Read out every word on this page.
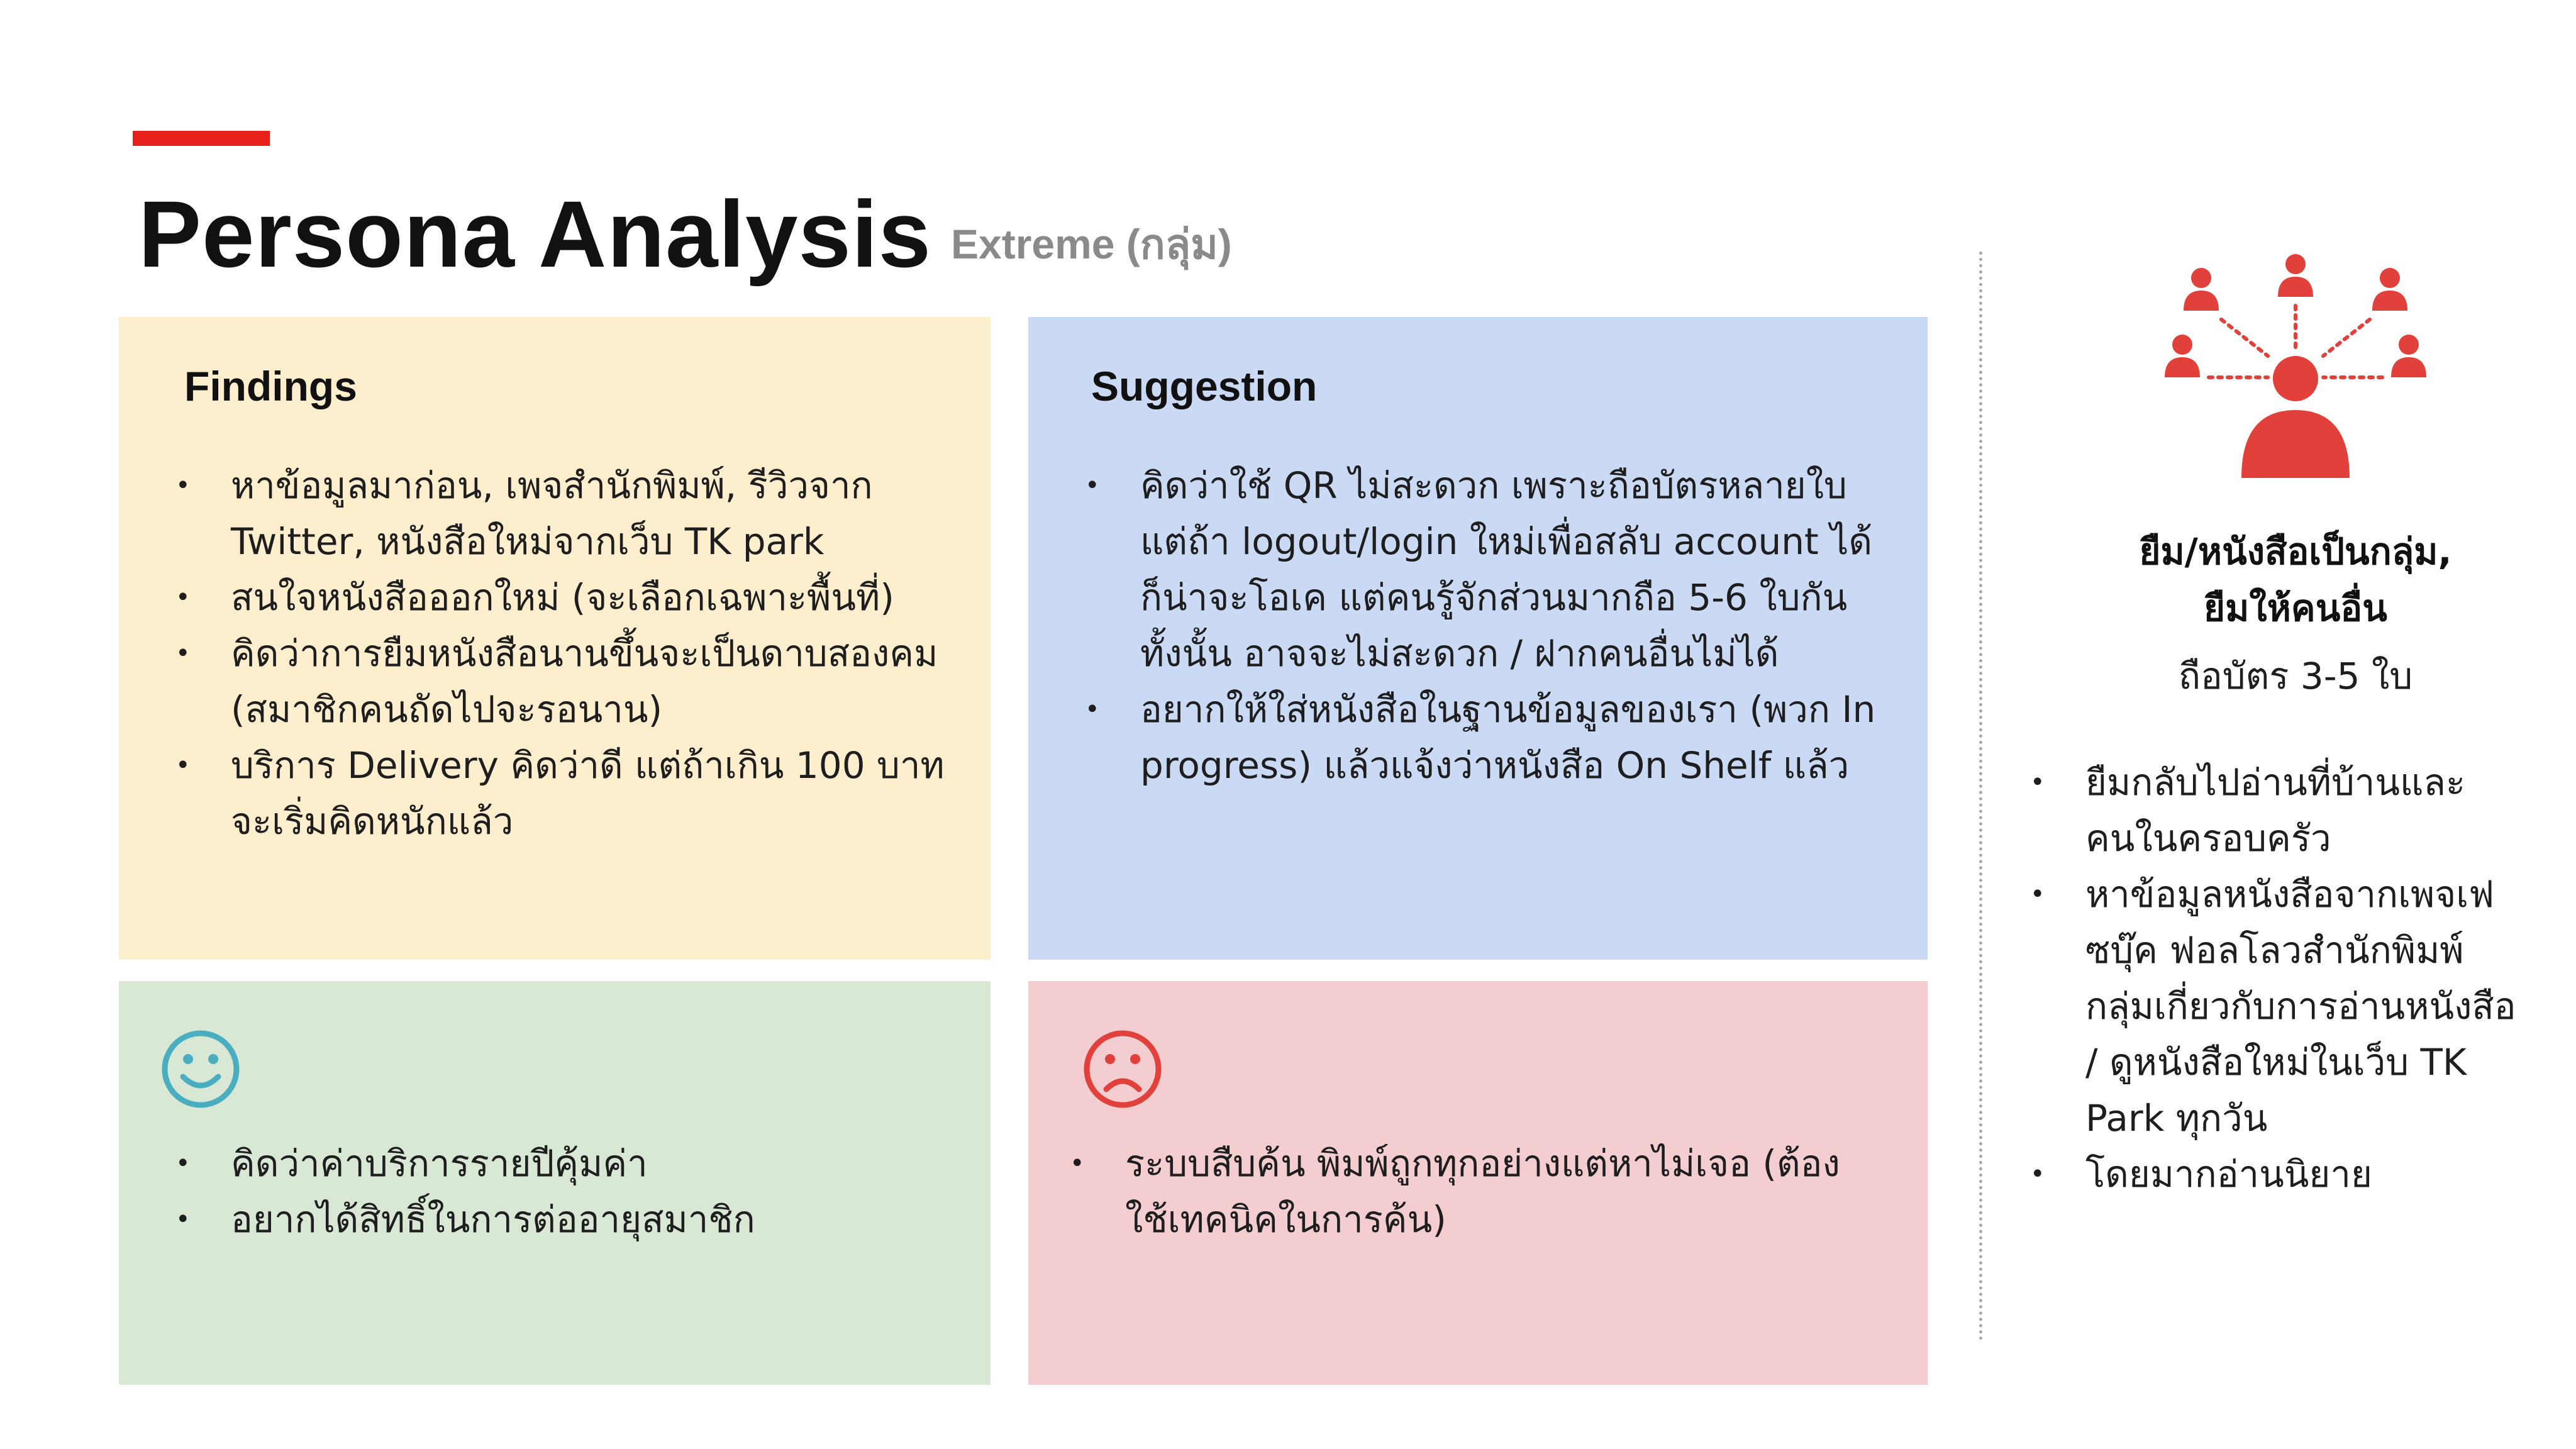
Persona Analysis Extreme (กลุ่ม)
Findings
• หาข้อมูลมาก่อน, เพจสำนักพิมพ์, รีวิวจาก Twitter, หนังสือใหม่จากเว็บ TK park
• สนใจหนังสือออกใหม่ (จะเลือกเฉพาะพื้นที่)
• คิดว่าการยืมหนังสือนานขึ้นจะเป็นดาบสองคม (สมาชิกคนถัดไปจะรอนาน)
• บริการ Delivery คิดว่าดี แต่ถ้าเกิน 100 บาทจะเริ่มคิดหนักแล้ว
Suggestion
• คิดว่าใช้ QR ไม่สะดวก เพราะถือบัตรหลายใบ แต่ถ้า logout/login ใหม่เพื่อสลับ account ได้ก็น่าจะโอเค แต่คนรู้จักส่วนมากถือ 5-6 ใบกันทั้งนั้น อาจจะไม่สะดวก / ฝากคนอื่นไม่ได้
• อยากให้ใส่หนังสือในฐานข้อมูลของเรา (พวก In progress) แล้วแจ้งว่าหนังสือ On Shelf แล้ว
• คิดว่าค่าบริการรายปีคุ้มค่า
• อยากได้สิทธิ์ในการต่ออายุสมาชิก
• ระบบสืบค้น พิมพ์ถูกทุกอย่างแต่หาไม่เจอ (ต้องใช้เทคนิคในการค้น)
ยืม/หนังสือเป็นกลุ่ม,
ยืมให้คนอื่น
ถือบัตร 3-5 ใบ
• ยืมกลับไปอ่านที่บ้านและคนในครอบครัว
• หาข้อมูลหนังสือจากเพจเฟซบุ๊ค ฟอลโลวสำนักพิมพ์ กลุ่มเกี่ยวกับการอ่านหนังสือ / ดูหนังสือใหม่ในเว็บ TK Park ทุกวัน
• โดยมากอ่านนิยาย
